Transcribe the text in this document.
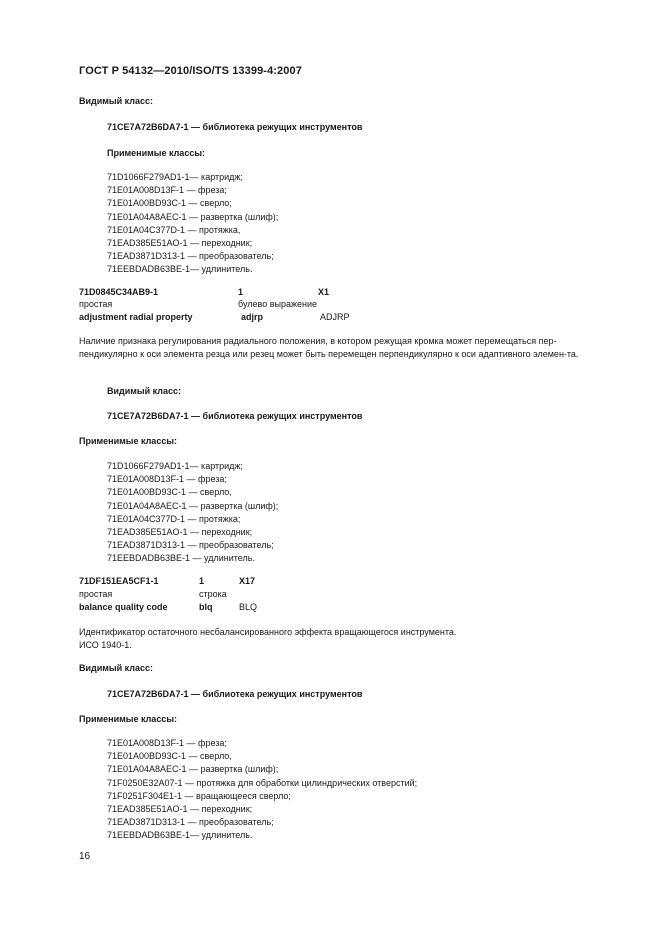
ГОСТ Р 54132—2010/ISO/TS 13399-4:2007
Видимый класс:
71CE7A72B6DA7-1 — библиотека режущих инструментов
Применимые классы:
71D1066F279AD1-1— картридж;
71E01A008D13F-1 — фреза;
71E01A00BD93C-1 — сверло;
71E01A04A8AEC-1 — развертка (шлиф);
71E01A04C377D-1 — протяжка,
71EAD385E51AO-1 — переходник;
71EAD3871D313-1 — преобразователь;
71EEBDADB63BE-1— удлинитель.
71D0845C34AB9-1	1	X1
простая	булево выражение
adjustment radial property	adjrp	ADJRP
Наличие признака регулирования радиального положения, в котором режущая кромка может перемещаться пер-пендикулярно к оси элемента резца или резец может быть перемещен перпендикулярно к оси адаптивного элемен-та.
Видимый класс:
71CE7A72B6DA7-1 — библиотека режущих инструментов
Применимые классы:
71D1066F279AD1-1— картридж;
71E01A008D13F-1 — фреза;
71E01A00BD93C-1 — сверло,
71E01A04A8AEC-1 — развертка (шлиф);
71E01A04C377D-1 — протяжка;
71EAD385E51AO-1 — переходник;
71EAD3871D313-1 — преобразователь;
71EEBDADB63BE-1 — удлинитель.
71DF151EA5CF1-1	1	X17
простая	строка
balance quality code	blq	BLQ
Идентификатор остаточного несбалансированного эффекта вращающегося инструмента.
ИСО 1940-1.
Видимый класс:
71CE7A72B6DA7-1 — библиотека режущих инструментов
Применимые классы:
71E01A008D13F-1 — фреза;
71E01A00BD93C-1 — сверло,
71E01A04A8AEC-1 — развертка (шлиф);
71F0250E32A07-1 — протяжка для обработки цилиндрических отверстий;
71F0251F304E1-1 — вращающееся сверло;
71EAD385E51AO-1 — переходник;
71EAD3871D313-1 — преобразователь;
71EEBDADB63BE-1— удлинитель.
16
